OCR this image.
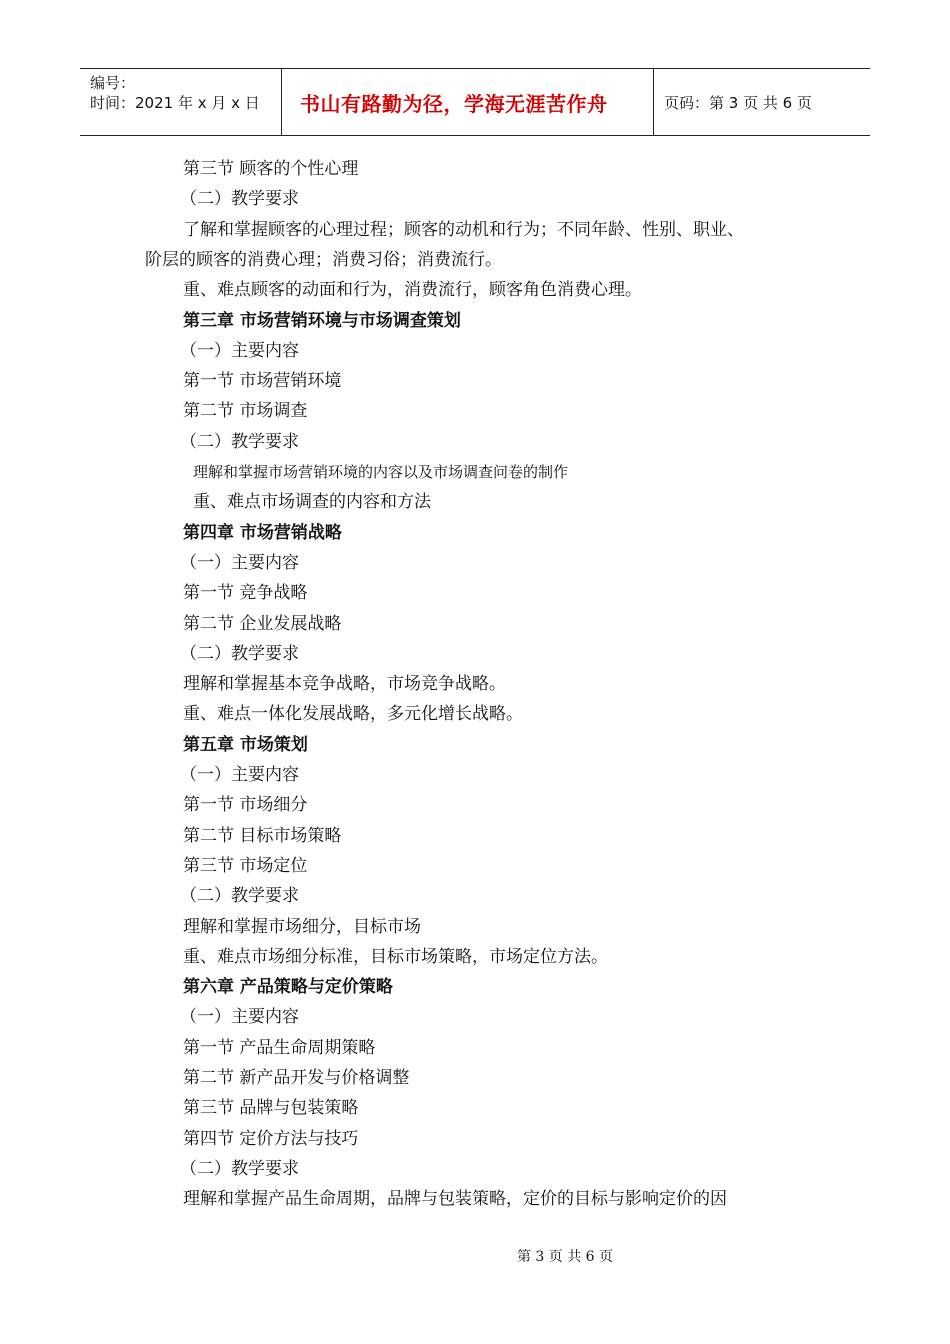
编号：
时间：2021 年 x 月 x 日	书山有路勤为径，学海无涯苦作舟	页码：第 3 页 共 6 页
第三节 顾客的个性心理
（二）教学要求
了解和掌握顾客的心理过程；顾客的动机和行为；不同年龄、性别、职业、
阶层的顾客的消费心理；消费习俗；消费流行。
重、难点顾客的动面和行为，消费流行，顾客角色消费心理。
第三章 市场营销环境与市场调查策划
（一）主要内容
第一节 市场营销环境
第二节 市场调查
（二）教学要求
理解和掌握市场营销环境的内容以及市场调查问卷的制作
重、难点市场调查的内容和方法
第四章 市场营销战略
（一）主要内容
第一节 竞争战略
第二节 企业发展战略
（二）教学要求
理解和掌握基本竞争战略，市场竞争战略。
重、难点一体化发展战略，多元化增长战略。
第五章 市场策划
（一）主要内容
第一节 市场细分
第二节 目标市场策略
第三节 市场定位
（二）教学要求
理解和掌握市场细分，目标市场
重、难点市场细分标准，目标市场策略，市场定位方法。
第六章 产品策略与定价策略
（一）主要内容
第一节 产品生命周期策略
第二节 新产品开发与价格调整
第三节 品牌与包装策略
第四节 定价方法与技巧
（二）教学要求
理解和掌握产品生命周期，品牌与包装策略，定价的目标与影响定价的因
第 3 页 共 6 页
